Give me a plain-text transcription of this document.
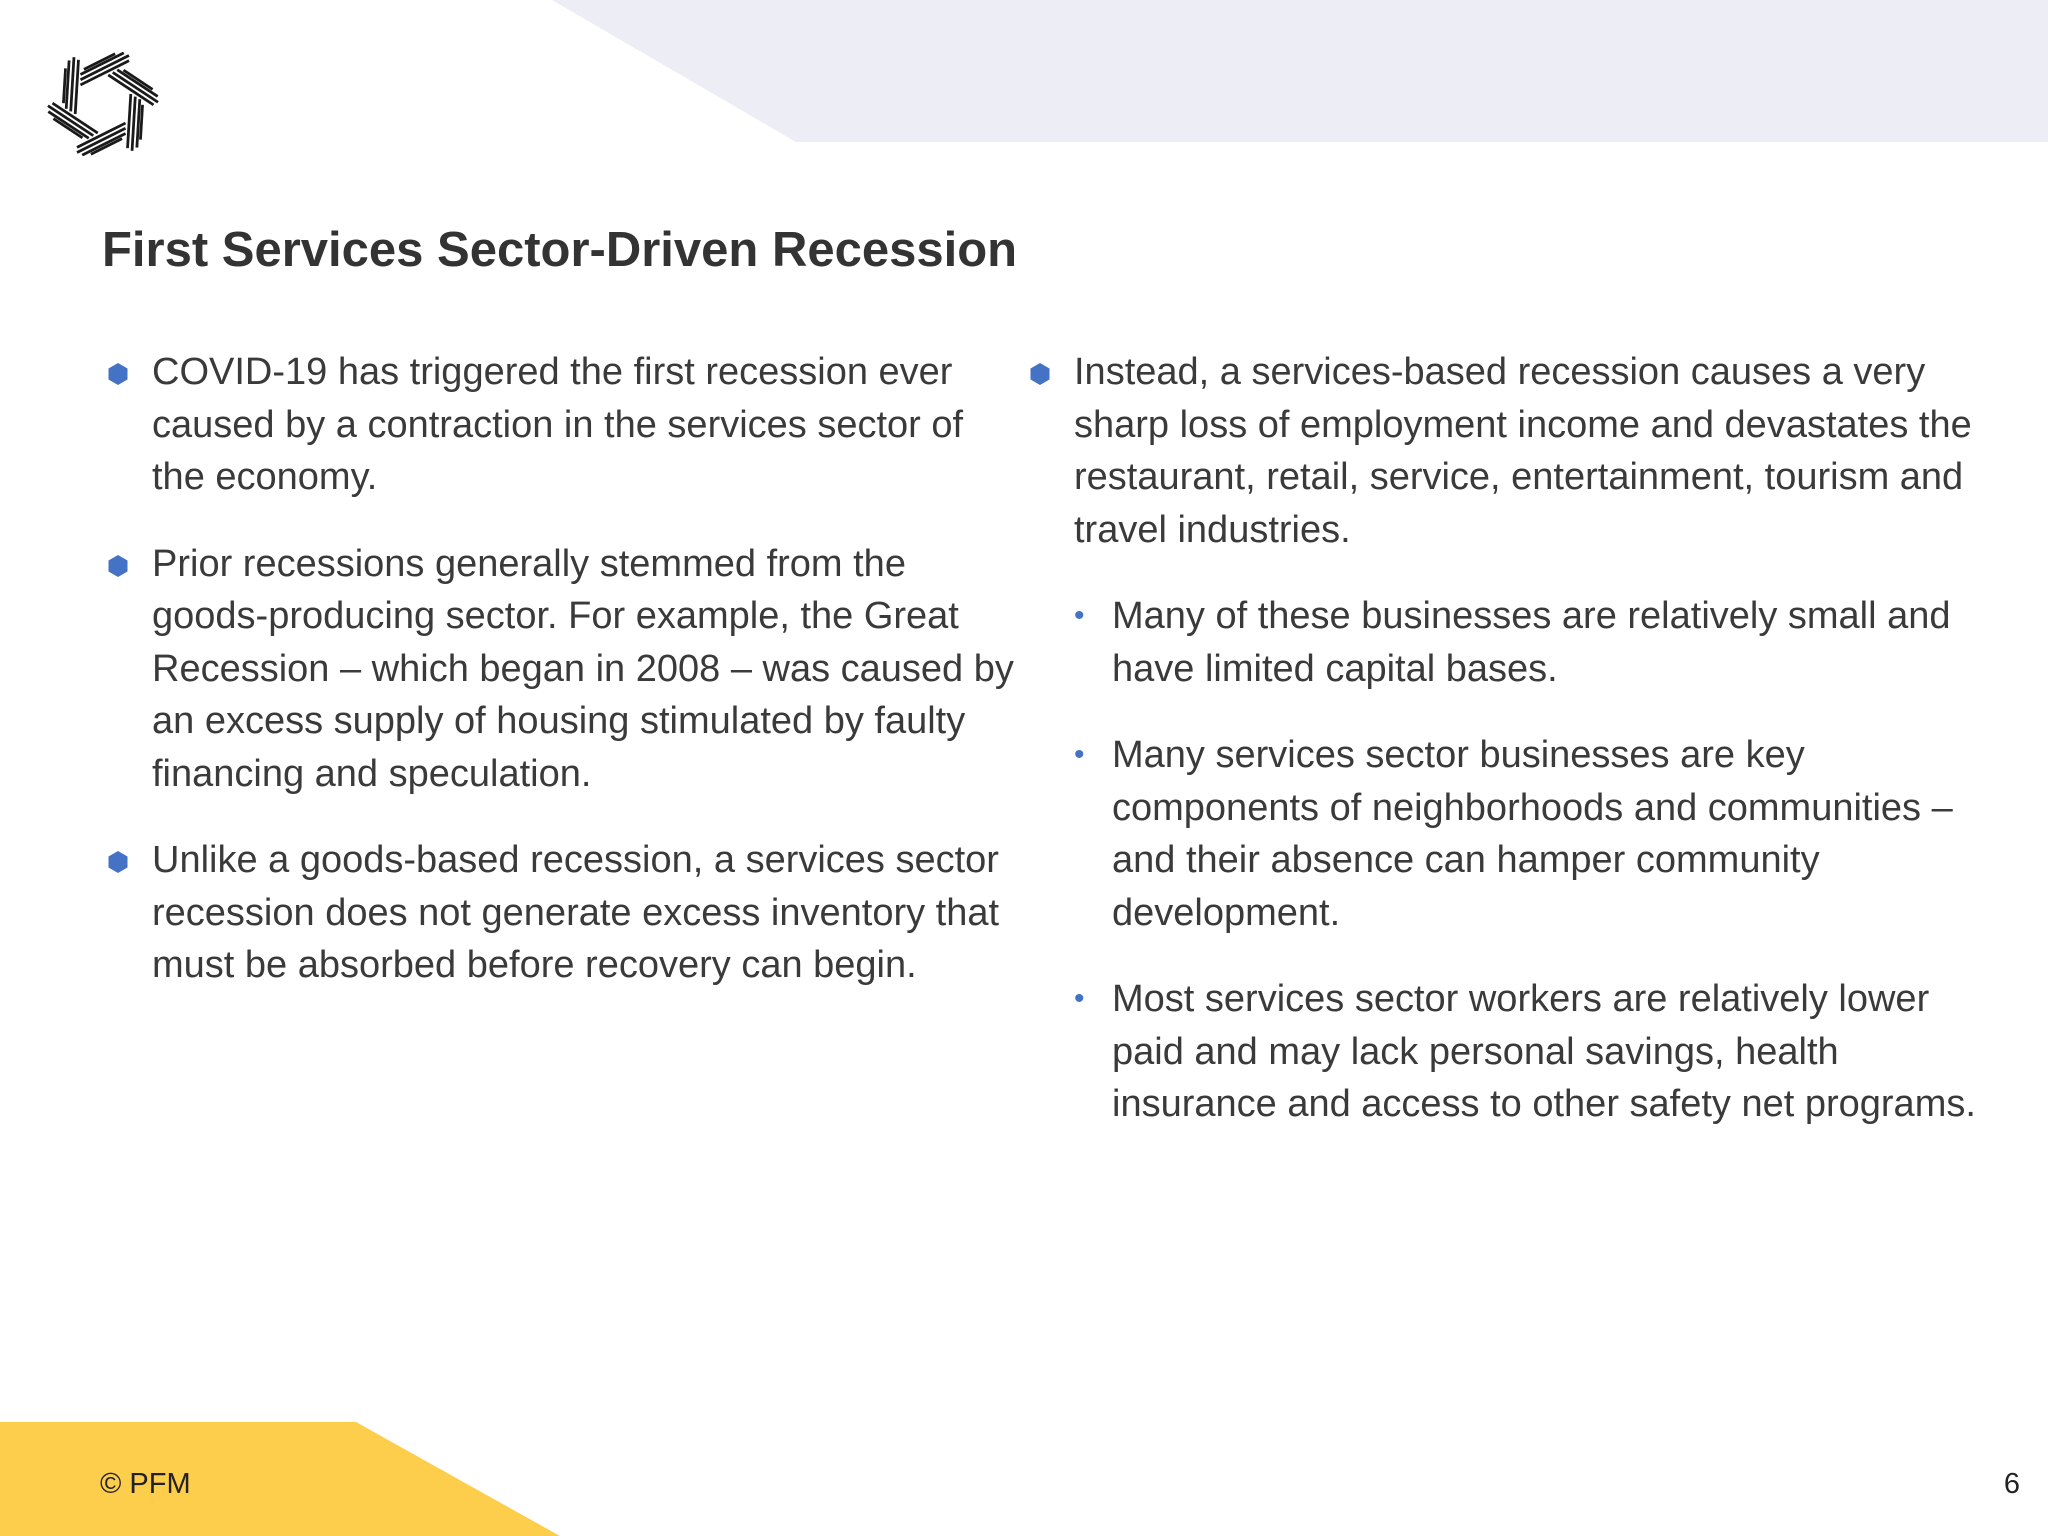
First Services Sector-Driven Recession
COVID-19 has triggered the first recession ever caused by a contraction in the services sector of the economy.
Prior recessions generally stemmed from the goods-producing sector. For example, the Great Recession – which began in 2008 – was caused by an excess supply of housing stimulated by faulty financing and speculation.
Unlike a goods-based recession, a services sector recession does not generate excess inventory that must be absorbed before recovery can begin.
Instead, a services-based recession causes a very sharp loss of employment income and devastates the restaurant, retail, service, entertainment, tourism and travel industries.
• Many of these businesses are relatively small and have limited capital bases.
• Many services sector businesses are key components of neighborhoods and communities – and their absence can hamper community development.
• Most services sector workers are relatively lower paid and may lack personal savings, health insurance and access to other safety net programs.
© PFM	6
